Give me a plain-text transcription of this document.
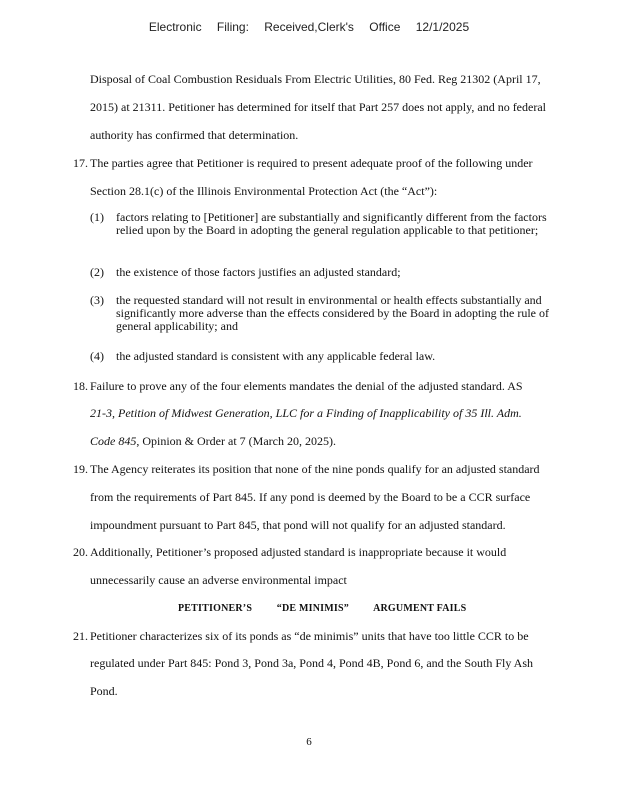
Electronic Filing: Received,Clerk's Office 12/1/2025
Disposal of Coal Combustion Residuals From Electric Utilities, 80 Fed. Reg 21302 (April 17,
2015) at 21311. Petitioner has determined for itself that Part 257 does not apply, and no federal
authority has confirmed that determination.
17. The parties agree that Petitioner is required to present adequate proof of the following under
Section 28.1(c) of the Illinois Environmental Protection Act (the “Act”):
(1) factors relating to [Petitioner] are substantially and significantly different from the factors relied upon by the Board in adopting the general regulation applicable to that petitioner;
(2) the existence of those factors justifies an adjusted standard;
(3) the requested standard will not result in environmental or health effects substantially and significantly more adverse than the effects considered by the Board in adopting the rule of general applicability; and
(4) the adjusted standard is consistent with any applicable federal law.
18. Failure to prove any of the four elements mandates the denial of the adjusted standard. AS
21-3, Petition of Midwest Generation, LLC for a Finding of Inapplicability of 35 Ill. Adm.
Code 845, Opinion & Order at 7 (March 20, 2025).
19. The Agency reiterates its position that none of the nine ponds qualify for an adjusted standard
from the requirements of Part 845. If any pond is deemed by the Board to be a CCR surface
impoundment pursuant to Part 845, that pond will not qualify for an adjusted standard.
20. Additionally, Petitioner’s proposed adjusted standard is inappropriate because it would
unnecessarily cause an adverse environmental impact
PETITIONER’S “DE MINIMIS” ARGUMENT FAILS
21. Petitioner characterizes six of its ponds as “de minimis” units that have too little CCR to be
regulated under Part 845: Pond 3, Pond 3a, Pond 4, Pond 4B, Pond 6, and the South Fly Ash
Pond.
6
